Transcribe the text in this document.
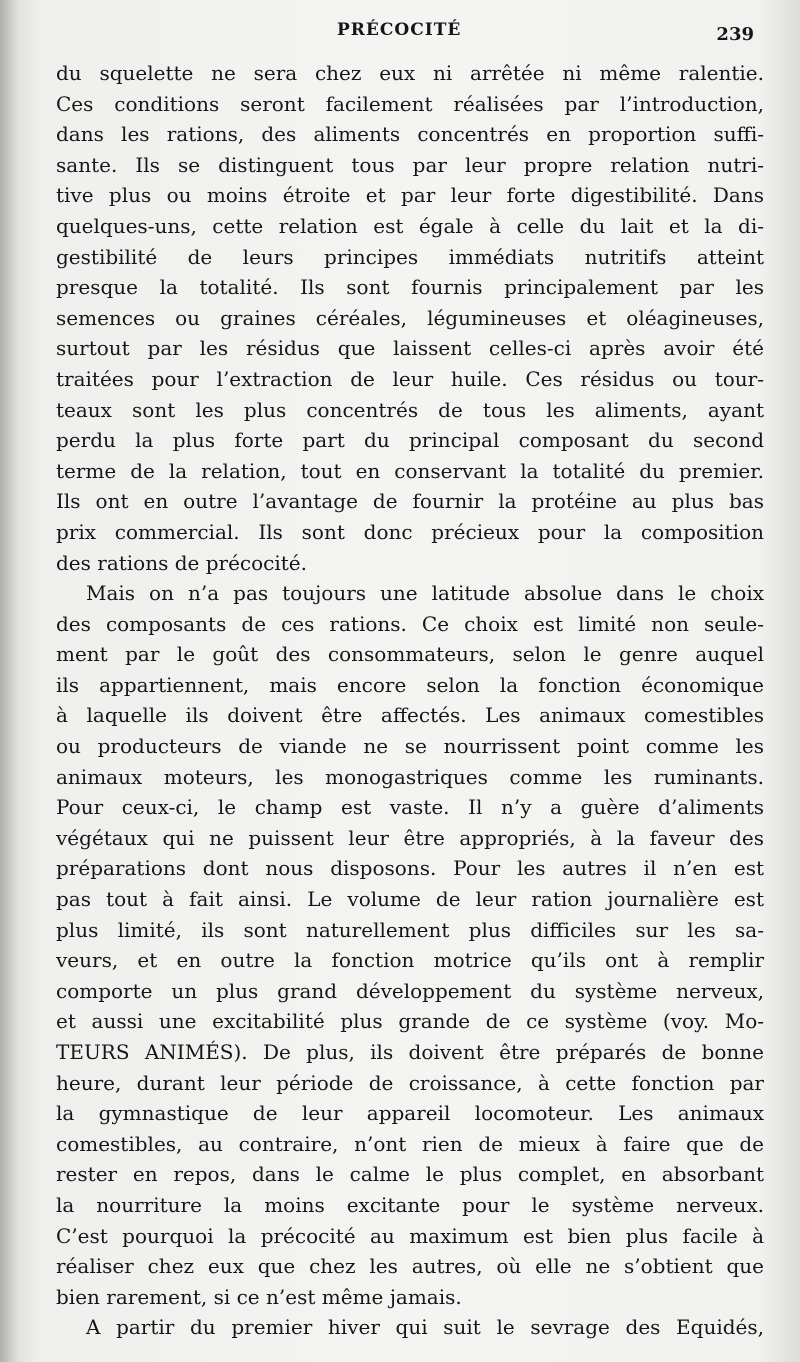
PRÉCOCITÉ	239
du squelette ne sera chez eux ni arrêtée ni même ralentie.
Ces conditions seront facilement réalisées par l’introduction,
dans les rations, des aliments concentrés en proportion suffi-
sante. Ils se distinguent tous par leur propre relation nutri-
tive plus ou moins étroite et par leur forte digestibilité. Dans
quelques-uns, cette relation est égale à celle du lait et la di-
gestibilité de leurs principes immédiats nutritifs atteint
presque la totalité. Ils sont fournis principalement par les
semences ou graines céréales, légumineuses et oléagineuses,
surtout par les résidus que laissent celles-ci après avoir été
traitées pour l’extraction de leur huile. Ces résidus ou tour-
teaux sont les plus concentrés de tous les aliments, ayant
perdu la plus forte part du principal composant du second
terme de la relation, tout en conservant la totalité du premier.
Ils ont en outre l’avantage de fournir la protéine au plus bas
prix commercial. Ils sont donc précieux pour la composition
des rations de précocité.
Mais on n’a pas toujours une latitude absolue dans le choix
des composants de ces rations. Ce choix est limité non seule-
ment par le goût des consommateurs, selon le genre auquel
ils appartiennent, mais encore selon la fonction économique
à laquelle ils doivent être affectés. Les animaux comestibles
ou producteurs de viande ne se nourrissent point comme les
animaux moteurs, les monogastriques comme les ruminants.
Pour ceux-ci, le champ est vaste. Il n’y a guère d’aliments
végétaux qui ne puissent leur être appropriés, à la faveur des
préparations dont nous disposons. Pour les autres il n’en est
pas tout à fait ainsi. Le volume de leur ration journalière est
plus limité, ils sont naturellement plus difficiles sur les sa-
veurs, et en outre la fonction motrice qu’ils ont à remplir
comporte un plus grand développement du système nerveux,
et aussi une excitabilité plus grande de ce système (voy. Mo-
TEURS ANIMÉS). De plus, ils doivent être préparés de bonne
heure, durant leur période de croissance, à cette fonction par
la gymnastique de leur appareil locomoteur. Les animaux
comestibles, au contraire, n’ont rien de mieux à faire que de
rester en repos, dans le calme le plus complet, en absorbant
la nourriture la moins excitante pour le système nerveux.
C’est pourquoi la précocité au maximum est bien plus facile à
réaliser chez eux que chez les autres, où elle ne s’obtient que
bien rarement, si ce n’est même jamais.
A partir du premier hiver qui suit le sevrage des Equidés,
